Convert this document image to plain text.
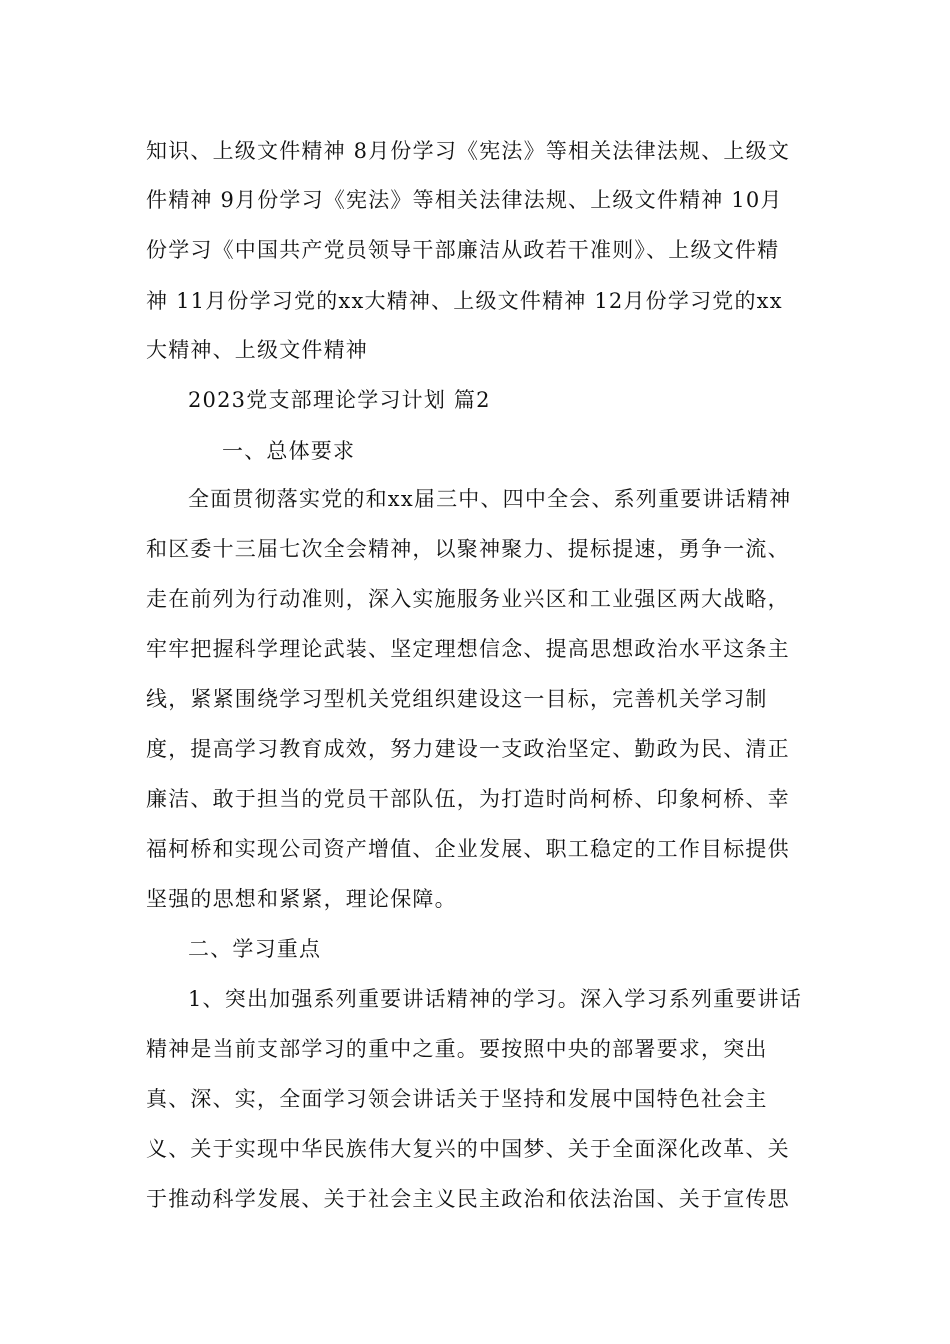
知识、上级文件精神 8月份学习《宪法》等相关法律法规、上级文
件精神 9月份学习《宪法》等相关法律法规、上级文件精神 10月
份学习《中国共产党员领导干部廉洁从政若干准则》、上级文件精
神 11月份学习党的xx大精神、上级文件精神 12月份学习党的xx
大精神、上级文件精神
2023党支部理论学习计划 篇2
一、总体要求
全面贯彻落实党的和xx届三中、四中全会、系列重要讲话精神
和区委十三届七次全会精神，以聚神聚力、提标提速，勇争一流、
走在前列为行动准则，深入实施服务业兴区和工业强区两大战略，
牢牢把握科学理论武装、坚定理想信念、提高思想政治水平这条主
线，紧紧围绕学习型机关党组织建设这一目标，完善机关学习制
度，提高学习教育成效，努力建设一支政治坚定、勤政为民、清正
廉洁、敢于担当的党员干部队伍，为打造时尚柯桥、印象柯桥、幸
福柯桥和实现公司资产增值、企业发展、职工稳定的工作目标提供
坚强的思想和紧紧，理论保障。
二、学习重点
1、突出加强系列重要讲话精神的学习。深入学习系列重要讲话
精神是当前支部学习的重中之重。要按照中央的部署要求，突出
真、深、实，全面学习领会讲话关于坚持和发展中国特色社会主
义、关于实现中华民族伟大复兴的中国梦、关于全面深化改革、关
于推动科学发展、关于社会主义民主政治和依法治国、关于宣传思
